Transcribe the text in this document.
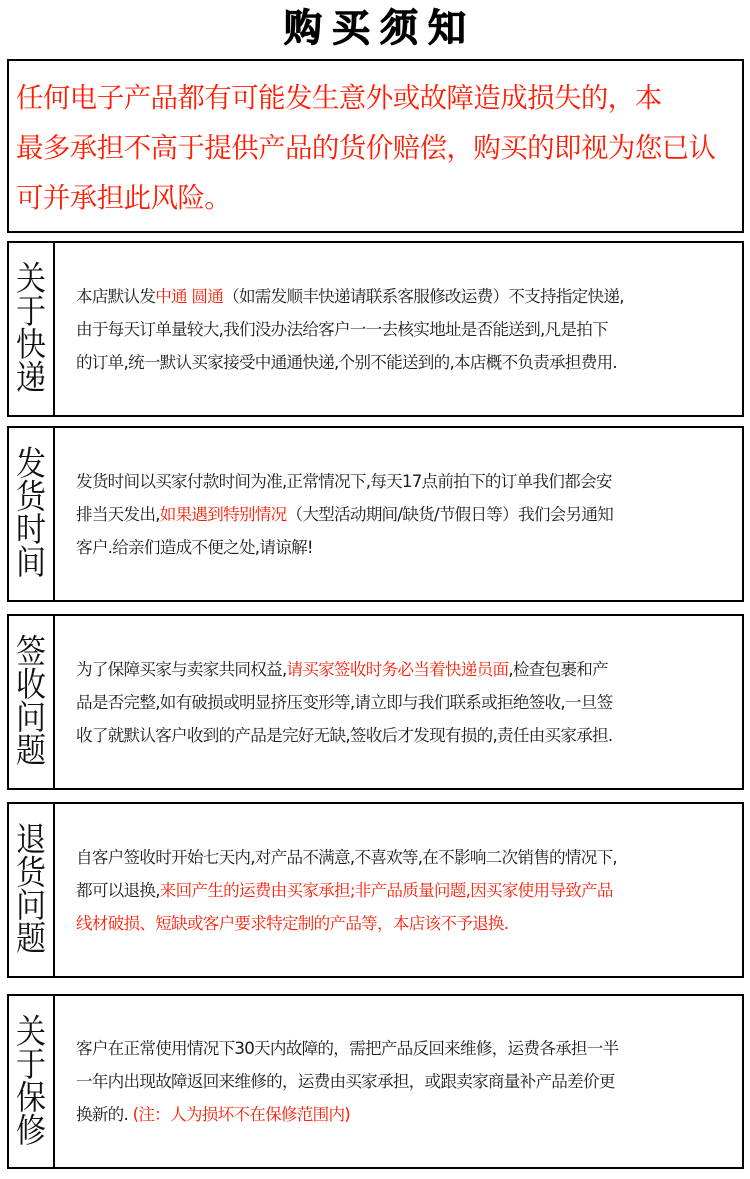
购买须知
任何电子产品都有可能发生意外或故障造成损失的，本
最多承担不高于提供产品的货价赔偿，购买的即视为您已认
可并承担此风险。
关
于
快
递
本店默认发中通 圆通（如需发顺丰快递请联系客服修改运费）不支持指定快递,
由于每天订单量较大,我们没办法给客户一一去核实地址是否能送到,凡是拍下
的订单,统一默认买家接受中通通快递,个别不能送到的,本店概不负责承担费用.
发
货
时
间
发货时间以买家付款时间为准,正常情况下,每天17点前拍下的订单我们都会安
排当天发出,如果遇到特别情况（大型活动期间/缺货/节假日等）我们会另通知
客户.给亲们造成不便之处,请谅解!
签
收
问
题
为了保障买家与卖家共同权益,请买家签收时务必当着快递员面,检查包裹和产
品是否完整,如有破损或明显挤压变形等,请立即与我们联系或拒绝签收,一旦签
收了就默认客户收到的产品是完好无缺,签收后才发现有损的,责任由买家承担.
退
货
问
题
自客户签收时开始七天内,对产品不满意,不喜欢等,在不影响二次销售的情况下,
都可以退换,来回产生的运费由买家承担;非产品质量问题,因买家使用导致产品
线材破损、短缺或客户要求特定制的产品等，本店该不予退换.
关
于
保
修
客户在正常使用情况下30天内故障的，需把产品反回来维修，运费各承担一半
一年内出现故障返回来维修的，运费由买家承担，或跟卖家商量补产品差价更
换新的. (注：人为损坏不在保修范围内)
